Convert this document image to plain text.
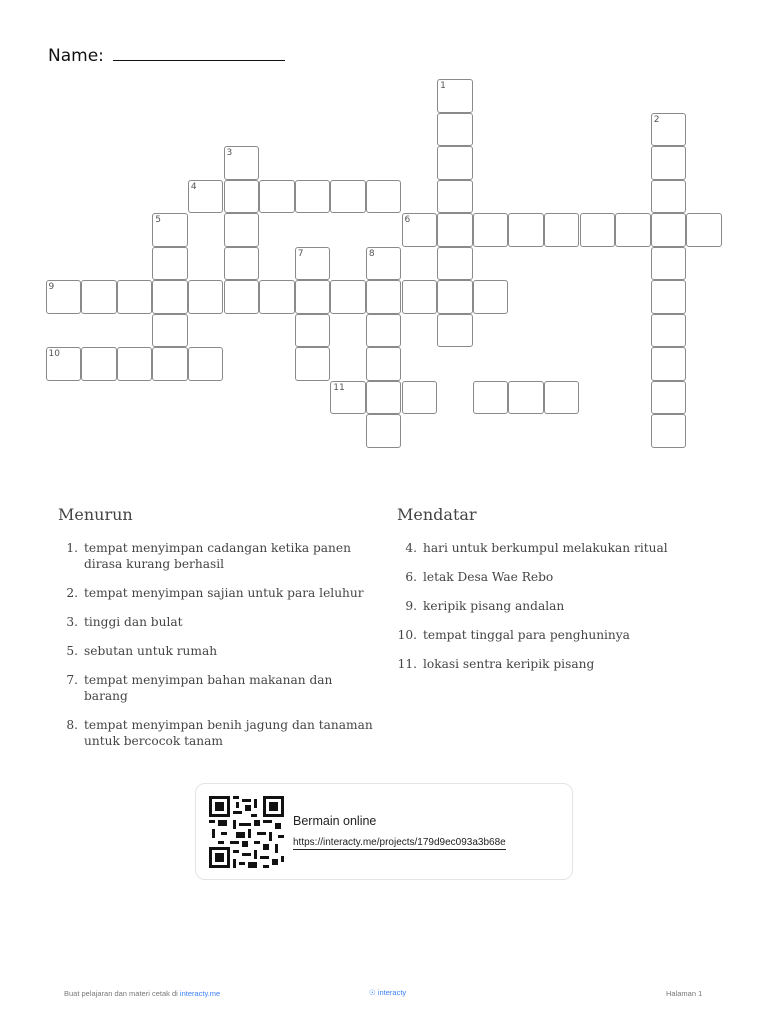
Name:
1
2
3
4
5	6
7	8
9
10
11
Menurun
1. tempat menyimpan cadangan ketika panen dirasa kurang berhasil
2. tempat menyimpan sajian untuk para leluhur
3. tinggi dan bulat
5. sebutan untuk rumah
7. tempat menyimpan bahan makanan dan barang
8. tempat menyimpan benih jagung dan tanaman untuk bercocok tanam
Mendatar
4. hari untuk berkumpul melakukan ritual
6. letak Desa Wae Rebo
9. keripik pisang andalan
10. tempat tinggal para penghuninya
11. lokasi sentra keripik pisang
Bermain online
https://interacty.me/projects/179d9ec093a3b68e
Buat pelajaran dan materi cetak di interacty.me	☉ interacty	Halaman 1
